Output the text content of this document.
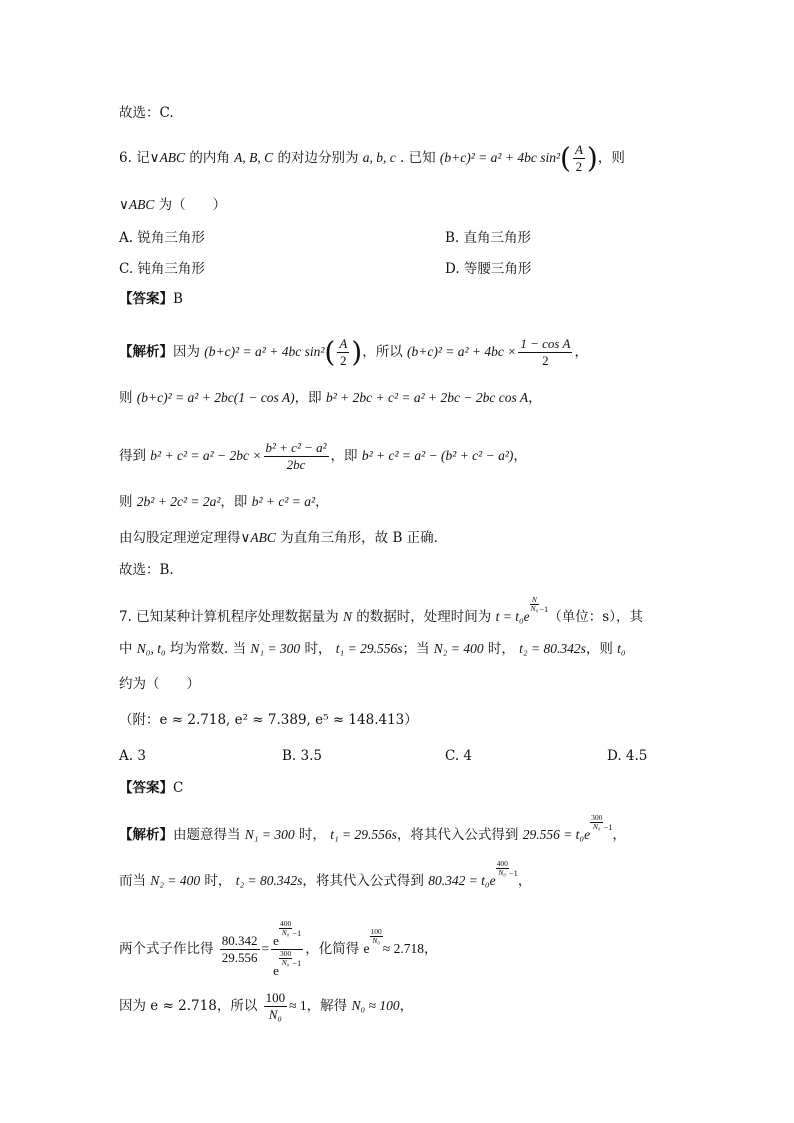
故选：C.
6. 记∨ABC 的内角 A, B, C 的对边分别为 a, b, c . 已知 (b+c)² = a² + 4bc $\sin^2( \frac{A}{2}$ )，则
∨ABC 为（　　）
A. 锐角三角形	B. 直角三角形
C. 钝角三角形	D. 等腰三角形
【答案】B
【解析】因为 (b+c)² = a² + 4bc $\sin^2( \frac{A}{2}$ )，所以 $(b+c)^2 = a^2 + 4bc \times \frac{\text{1 − cos A}}{2}$ ，
则 (b+c)² = a² + 2bc(1 − cos A)，即 b² + 2bc + c² = a² + 2bc − 2bc cos A，
得到 $b^2 + c^2 = a^2 - 2bc \times \frac{\text{b² + c² − a²}}{2bc}$ ，即 b² + c² = a² − (b² + c² − a²)，
则 2b² + 2c² = 2a²，即 b² + c² = a²，
由勾股定理逆定理得∨ABC 为直角三角形，故 B 正确.
故选：B.
7. 已知某种计算机程序处理数据量为 N 的数据时，处理时间为 t = t₀e
$\frac{N}{\text{N₀}} ^{-1}$（单位：s），其
中 N₀, t₀ 均为常数. 当 N₁ = 300 时， t₁ = 29.556s；当 N₂ = 400 时， t₂ = 80.342s，则 t₀
约为（　　）
（附：e ≈ 2.718, e² ≈ 7.389, e⁵ ≈ 148.413）
A. 3	B. 3.5	C. 4	D. 4.5
【答案】C
【解析】由题意得当 N₁ = 300 时， t₁ = 29.556s，将其代入公式得到 29.556 = t₀e
$\frac{300}{\text{N₀}} ^{-1}$，
而当 N₂ = 400 时， t₂ = 80.342s，将其代入公式得到 80.342 = t₀e
$\frac{400}{\text{N₀}} ^{-1}$，
两个式子作比得 $\frac{80.342}{29.556} = e$
$\frac{400}{\text{N₀}} ^{-1}$
e
$\frac{300}{\text{N₀}} ^{-1}$ ，化简得 e
$\frac{100}{\text{N₀}}$
≈ 2.718，
因为 e ≈ 2.718，所以 $\frac{100}{\text{N₀}} \approx 1$，解得 N₀ ≈ 100，
